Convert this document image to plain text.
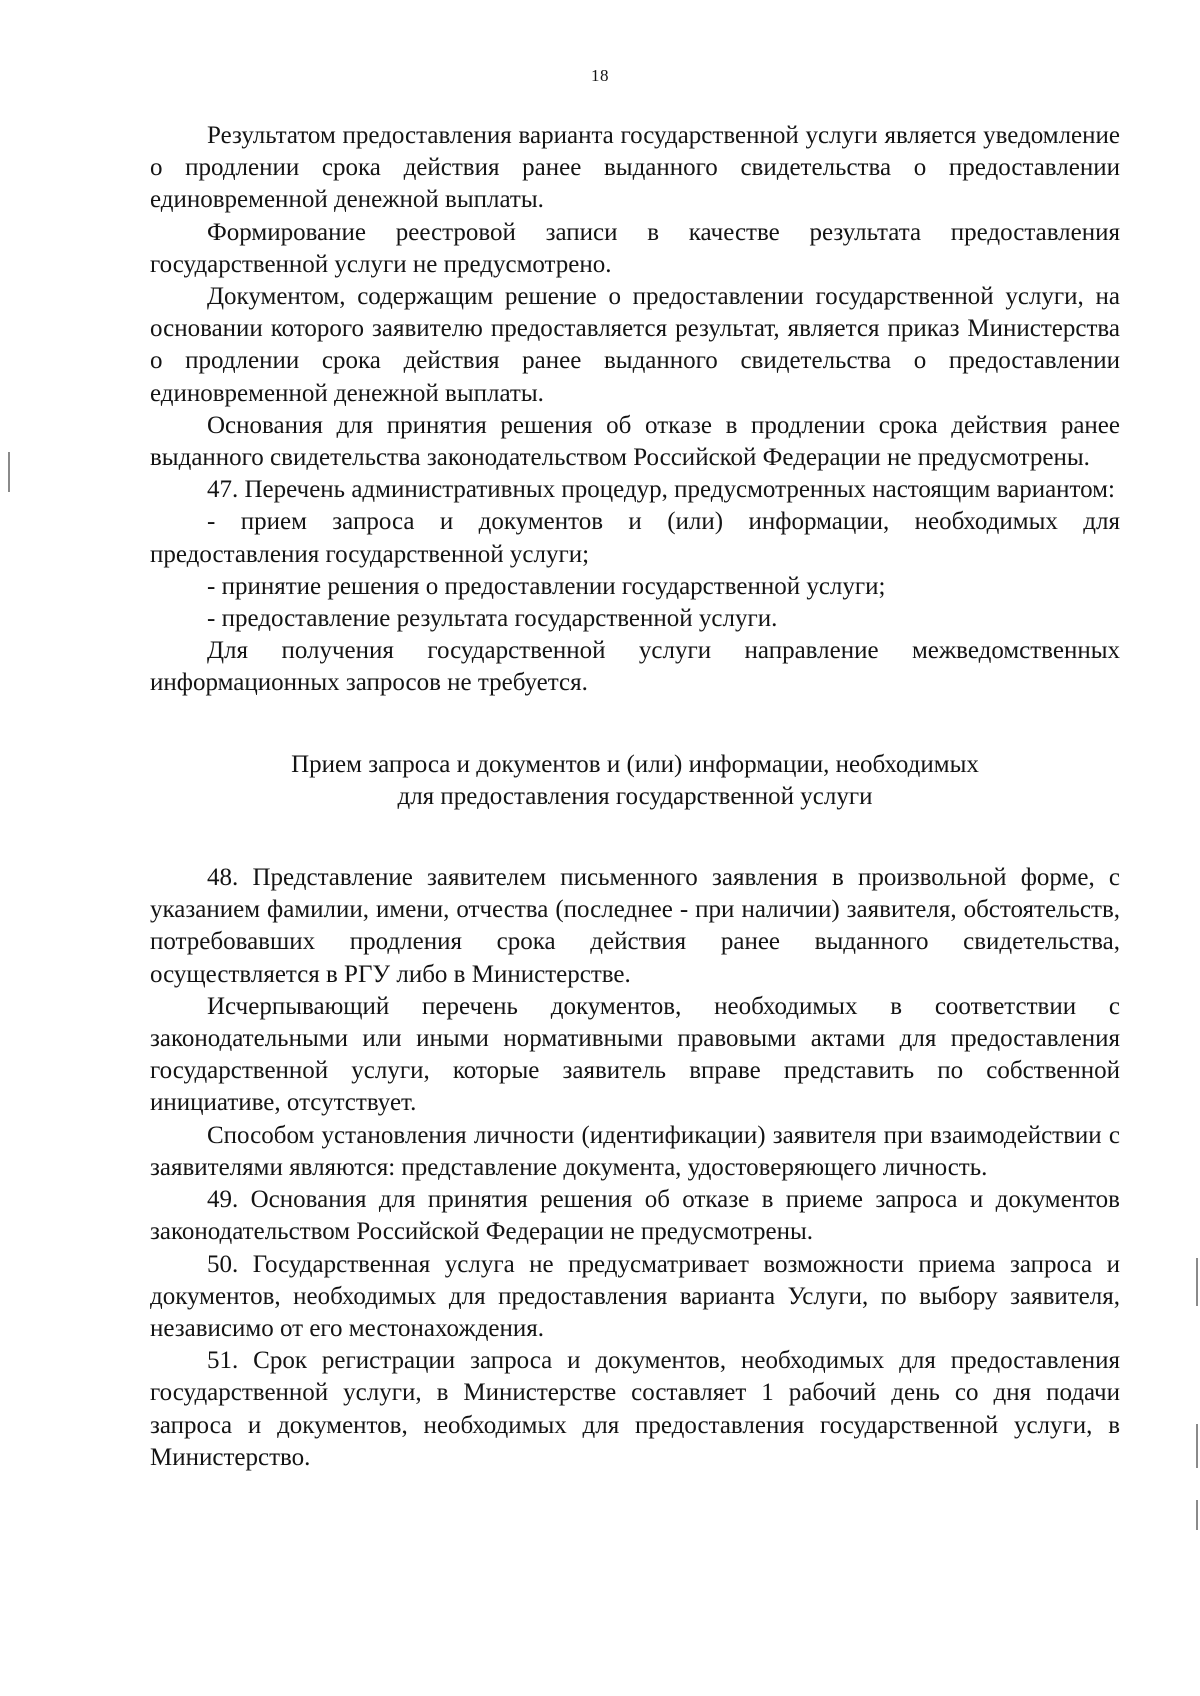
18

Результатом предоставления варианта государственной услуги является уведомление о продлении срока действия ранее выданного свидетельства о предоставлении единовременной денежной выплаты.

Формирование реестровой записи в качестве результата предоставления государственной услуги не предусмотрено.

Документом, содержащим решение о предоставлении государственной услуги, на основании которого заявителю предоставляется результат, является приказ Министерства о продлении срока действия ранее выданного свидетельства о предоставлении единовременной денежной выплаты.

Основания для принятия решения об отказе в продлении срока действия ранее выданного свидетельства законодательством Российской Федерации не предусмотрены.

47. Перечень административных процедур, предусмотренных настоящим вариантом:

- прием запроса и документов и (или) информации, необходимых для предоставления государственной услуги;

- принятие решения о предоставлении государственной услуги;

- предоставление результата государственной услуги.

Для получения государственной услуги направление межведомственных информационных запросов не требуется.

Прием запроса и документов и (или) информации, необходимых
для предоставления государственной услуги

48. Представление заявителем письменного заявления в произвольной форме, с указанием фамилии, имени, отчества (последнее - при наличии) заявителя, обстоятельств, потребовавших продления срока действия ранее выданного свидетельства, осуществляется в РГУ либо в Министерстве.

Исчерпывающий перечень документов, необходимых в соответствии с законодательными или иными нормативными правовыми актами для предоставления государственной услуги, которые заявитель вправе представить по собственной инициативе, отсутствует.

Способом установления личности (идентификации) заявителя при взаимодействии с заявителями являются: представление документа, удостоверяющего личность.

49. Основания для принятия решения об отказе в приеме запроса и документов законодательством Российской Федерации не предусмотрены.

50. Государственная услуга не предусматривает возможности приема запроса и документов, необходимых для предоставления варианта Услуги, по выбору заявителя, независимо от его местонахождения.

51. Срок регистрации запроса и документов, необходимых для предоставления государственной услуги, в Министерстве составляет 1 рабочий день со дня подачи запроса и документов, необходимых для предоставления государственной услуги, в Министерство.
